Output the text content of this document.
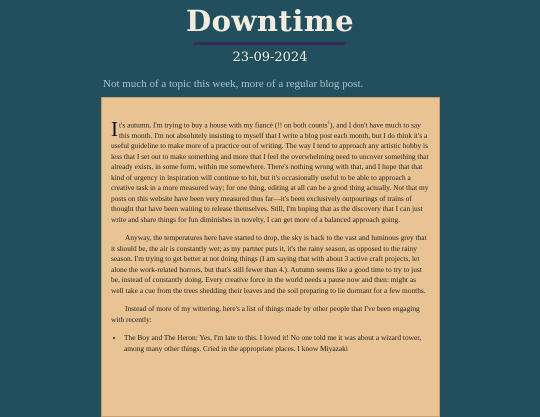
Downtime
23-09-2024
Not much of a topic this week, more of a regular blog post.

It's autumn, I'm trying to buy a house with my fiancé (!! on both counts$^1$), and I don't have much to say this month. I'm not absolutely insisting to myself that I write a blog post each month, but I do think it's a useful guideline to make more of a practice out of writing. The way I tend to approach any artistic hobby is less that I set out to make something and more that I feel the overwhelming need to uncover something that already exists, in some form, within me somewhere. There's nothing wrong with that, and I hope that that kind of urgency in inspiration will continue to hit, but it's occasionally useful to be able to approach a creative task in a more measured way; for one thing, editing at all can be a good thing actually. Not that my posts on this website have been very measured thus far—it's been exclusively outpourings of trains of thought that have been waiting to release themselves. Still, I'm hoping that as the discovery that I can just write and share things for fun diminishes in novelty, I can get more of a balanced approach going.

Anyway, the temperatures here have started to drop, the sky is back to the vast and luminous grey that it should be, the air is constantly wet; as my partner puts it, it's the rainy season, as opposed to the rainy season. I'm trying to get better at not doing things (I am saying that with about 3 active craft projects, let alone the work-related horrors, but that's still fewer than 4.). Autumn seems like a good time to try to just be, instead of constantly doing. Every creative force in the world needs a pause now and then: might as well take a cue from the trees shedding their leaves and the soil preparing to lie dormant for a few months.

Instead of more of my wittering, here's a list of things made by other people that I've been engaging with recently:

• The Boy and The Heron: Yes, I'm late to this. I loved it! No one told me it was about a wizard tower, among many other things. Cried in the appropriate places. I know Miyazaki
